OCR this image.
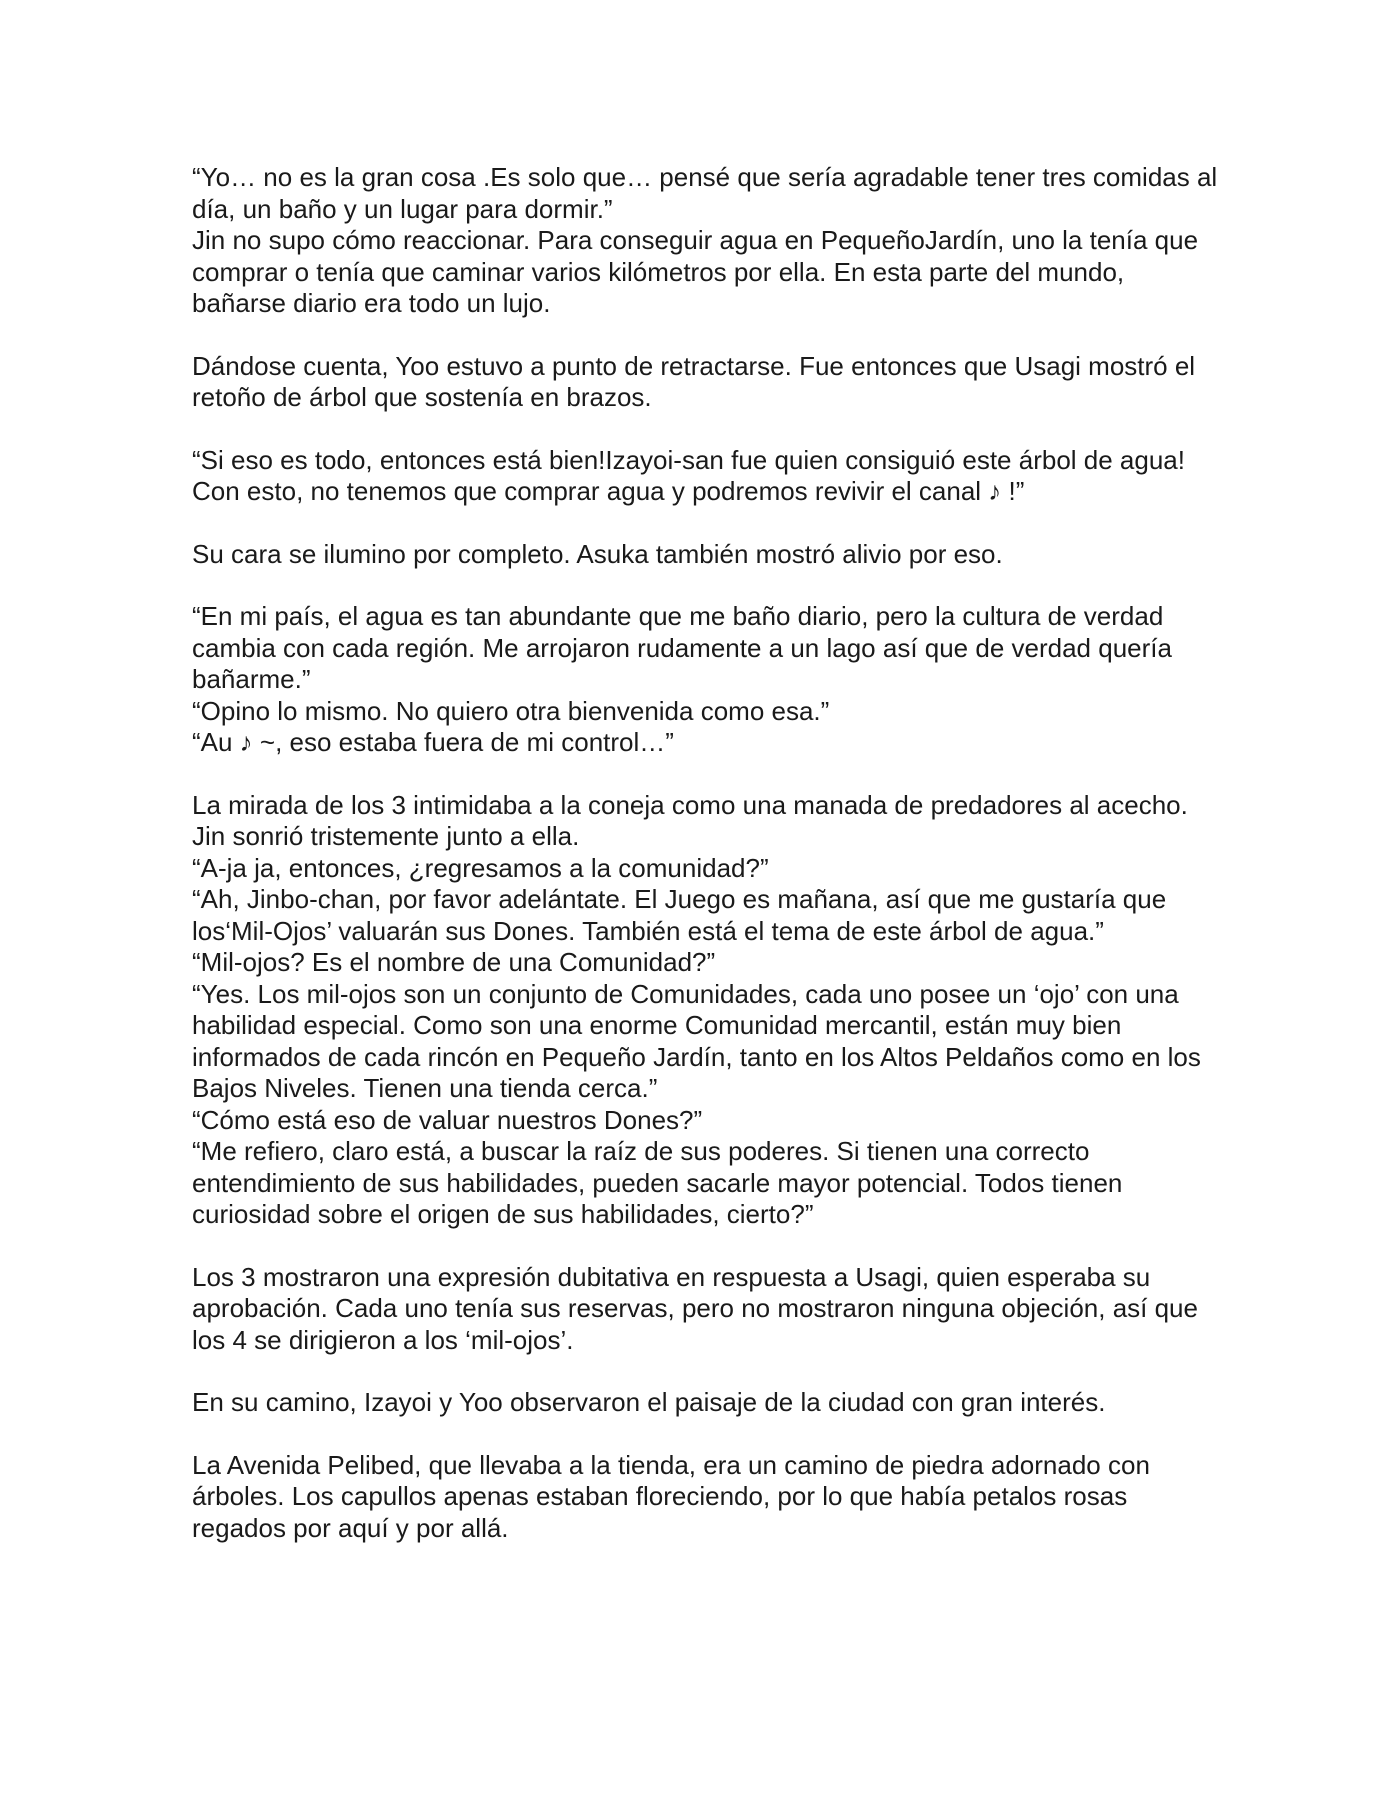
“Yo… no es la gran cosa .Es solo que… pensé que sería agradable tener tres comidas al día, un baño y un lugar para dormir.”

Jin no supo cómo reaccionar. Para conseguir agua en PequeñoJardín, uno la tenía que comprar o tenía que caminar varios kilómetros por ella. En esta parte del mundo, bañarse diario era todo un lujo.

Dándose cuenta, Yoo estuvo a punto de retractarse. Fue entonces que Usagi mostró el retoño de árbol que sostenía en brazos.

“Si eso es todo, entonces está bien!Izayoi-san fue quien consiguió este árbol de agua! Con esto, no tenemos que comprar agua y podremos revivir el canal ♪ !”

Su cara se ilumino por completo. Asuka también mostró alivio por eso.

“En mi país, el agua es tan abundante que me baño diario, pero la cultura de verdad cambia con cada región. Me arrojaron rudamente a un lago así que de verdad quería bañarme.”

“Opino lo mismo. No quiero otra bienvenida como esa.”

“Au ♪ ~, eso estaba fuera de mi control…”

La mirada de los 3 intimidaba a la coneja como una manada de predadores al acecho. Jin sonrió tristemente junto a ella.

“A-ja ja, entonces, ¿regresamos a la comunidad?”

“Ah, Jinbo-chan, por favor adelántate. El Juego es mañana, así que me gustaría que los‘Mil-Ojos’ valuarán sus Dones. También está el tema de este árbol de agua.”

“Mil-ojos? Es el nombre de una Comunidad?”

“Yes. Los mil-ojos son un conjunto de Comunidades, cada uno posee un ‘ojo’ con una habilidad especial. Como son una enorme Comunidad mercantil, están muy bien informados de cada rincón en Pequeño Jardín, tanto en los Altos Peldaños como en los Bajos Niveles. Tienen una tienda cerca.”

“Cómo está eso de valuar nuestros Dones?”

“Me refiero, claro está, a buscar la raíz de sus poderes. Si tienen una correcto entendimiento de sus habilidades, pueden sacarle mayor potencial. Todos tienen curiosidad sobre el origen de sus habilidades, cierto?”

Los 3 mostraron una expresión dubitativa en respuesta a Usagi, quien esperaba su aprobación. Cada uno tenía sus reservas, pero no mostraron ninguna objeción, así que los 4 se dirigieron a los ‘mil-ojos’.

En su camino, Izayoi y Yoo observaron el paisaje de la ciudad con gran interés.

La Avenida Pelibed, que llevaba a la tienda, era un camino de piedra adornado con árboles. Los capullos apenas estaban floreciendo, por lo que había petalos rosas regados por aquí y por allá.
